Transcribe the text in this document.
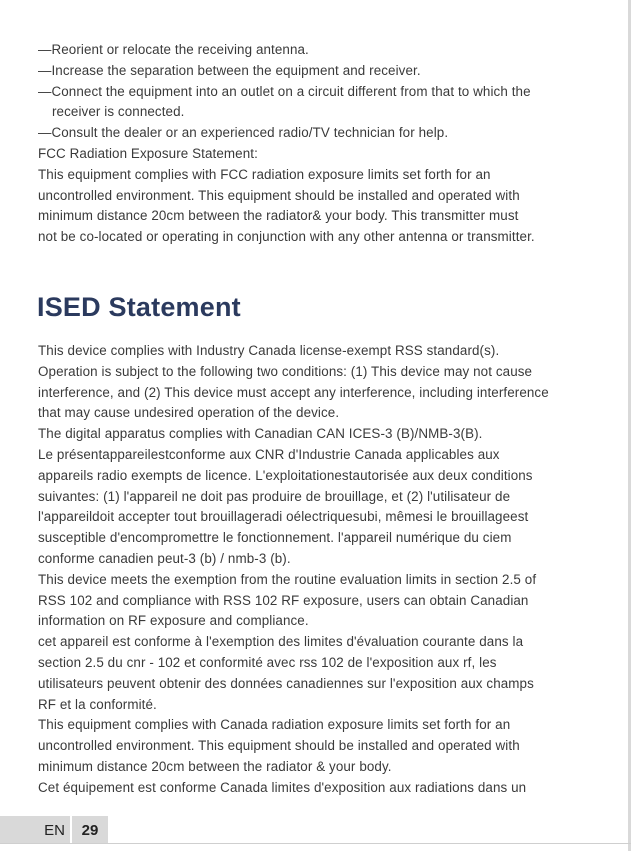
—Reorient or relocate the receiving antenna.
—Increase the separation between the equipment and receiver.
—Connect the equipment into an outlet on a circuit different from that to which the
receiver is connected.
—Consult the dealer or an experienced radio/TV technician for help.
FCC Radiation Exposure Statement:
This equipment complies with FCC radiation exposure limits set forth for an
uncontrolled environment. This equipment should be installed and operated with
minimum distance 20cm between the radiator& your body. This transmitter must
not be co-located or operating in conjunction with any other antenna or transmitter.
ISED Statement
This device complies with Industry Canada license-exempt RSS standard(s).
Operation is subject to the following two conditions: (1) This device may not cause
interference, and (2) This device must accept any interference, including interference
that may cause undesired operation of the device.
The digital apparatus complies with Canadian CAN ICES-3 (B)/NMB-3(B).
Le présentappareilestconforme aux CNR d'Industrie Canada applicables aux
appareils radio exempts de licence. L'exploitationestautorisée aux deux conditions
suivantes: (1) l'appareil ne doit pas produire de brouillage, et (2) l'utilisateur de
l'appareildoit accepter tout brouillageradi oélectriquesubi, mêmesi le brouillageest
susceptible d'encompromettre le fonctionnement. l'appareil numérique du ciem
conforme canadien peut-3 (b) / nmb-3 (b).
This device meets the exemption from the routine evaluation limits in section 2.5 of
RSS 102 and compliance with RSS 102 RF exposure, users can obtain Canadian
information on RF exposure and compliance.
cet appareil est conforme à l'exemption des limites d'évaluation courante dans la
section 2.5 du cnr - 102 et conformité avec rss 102 de l'exposition aux rf, les
utilisateurs peuvent obtenir des données canadiennes sur l'exposition aux champs
RF et la conformité.
This equipment complies with Canada radiation exposure limits set forth for an
uncontrolled environment. This equipment should be installed and operated with
minimum distance 20cm between the radiator & your body.
Cet équipement est conforme Canada limites d'exposition aux radiations dans un
EN	29
